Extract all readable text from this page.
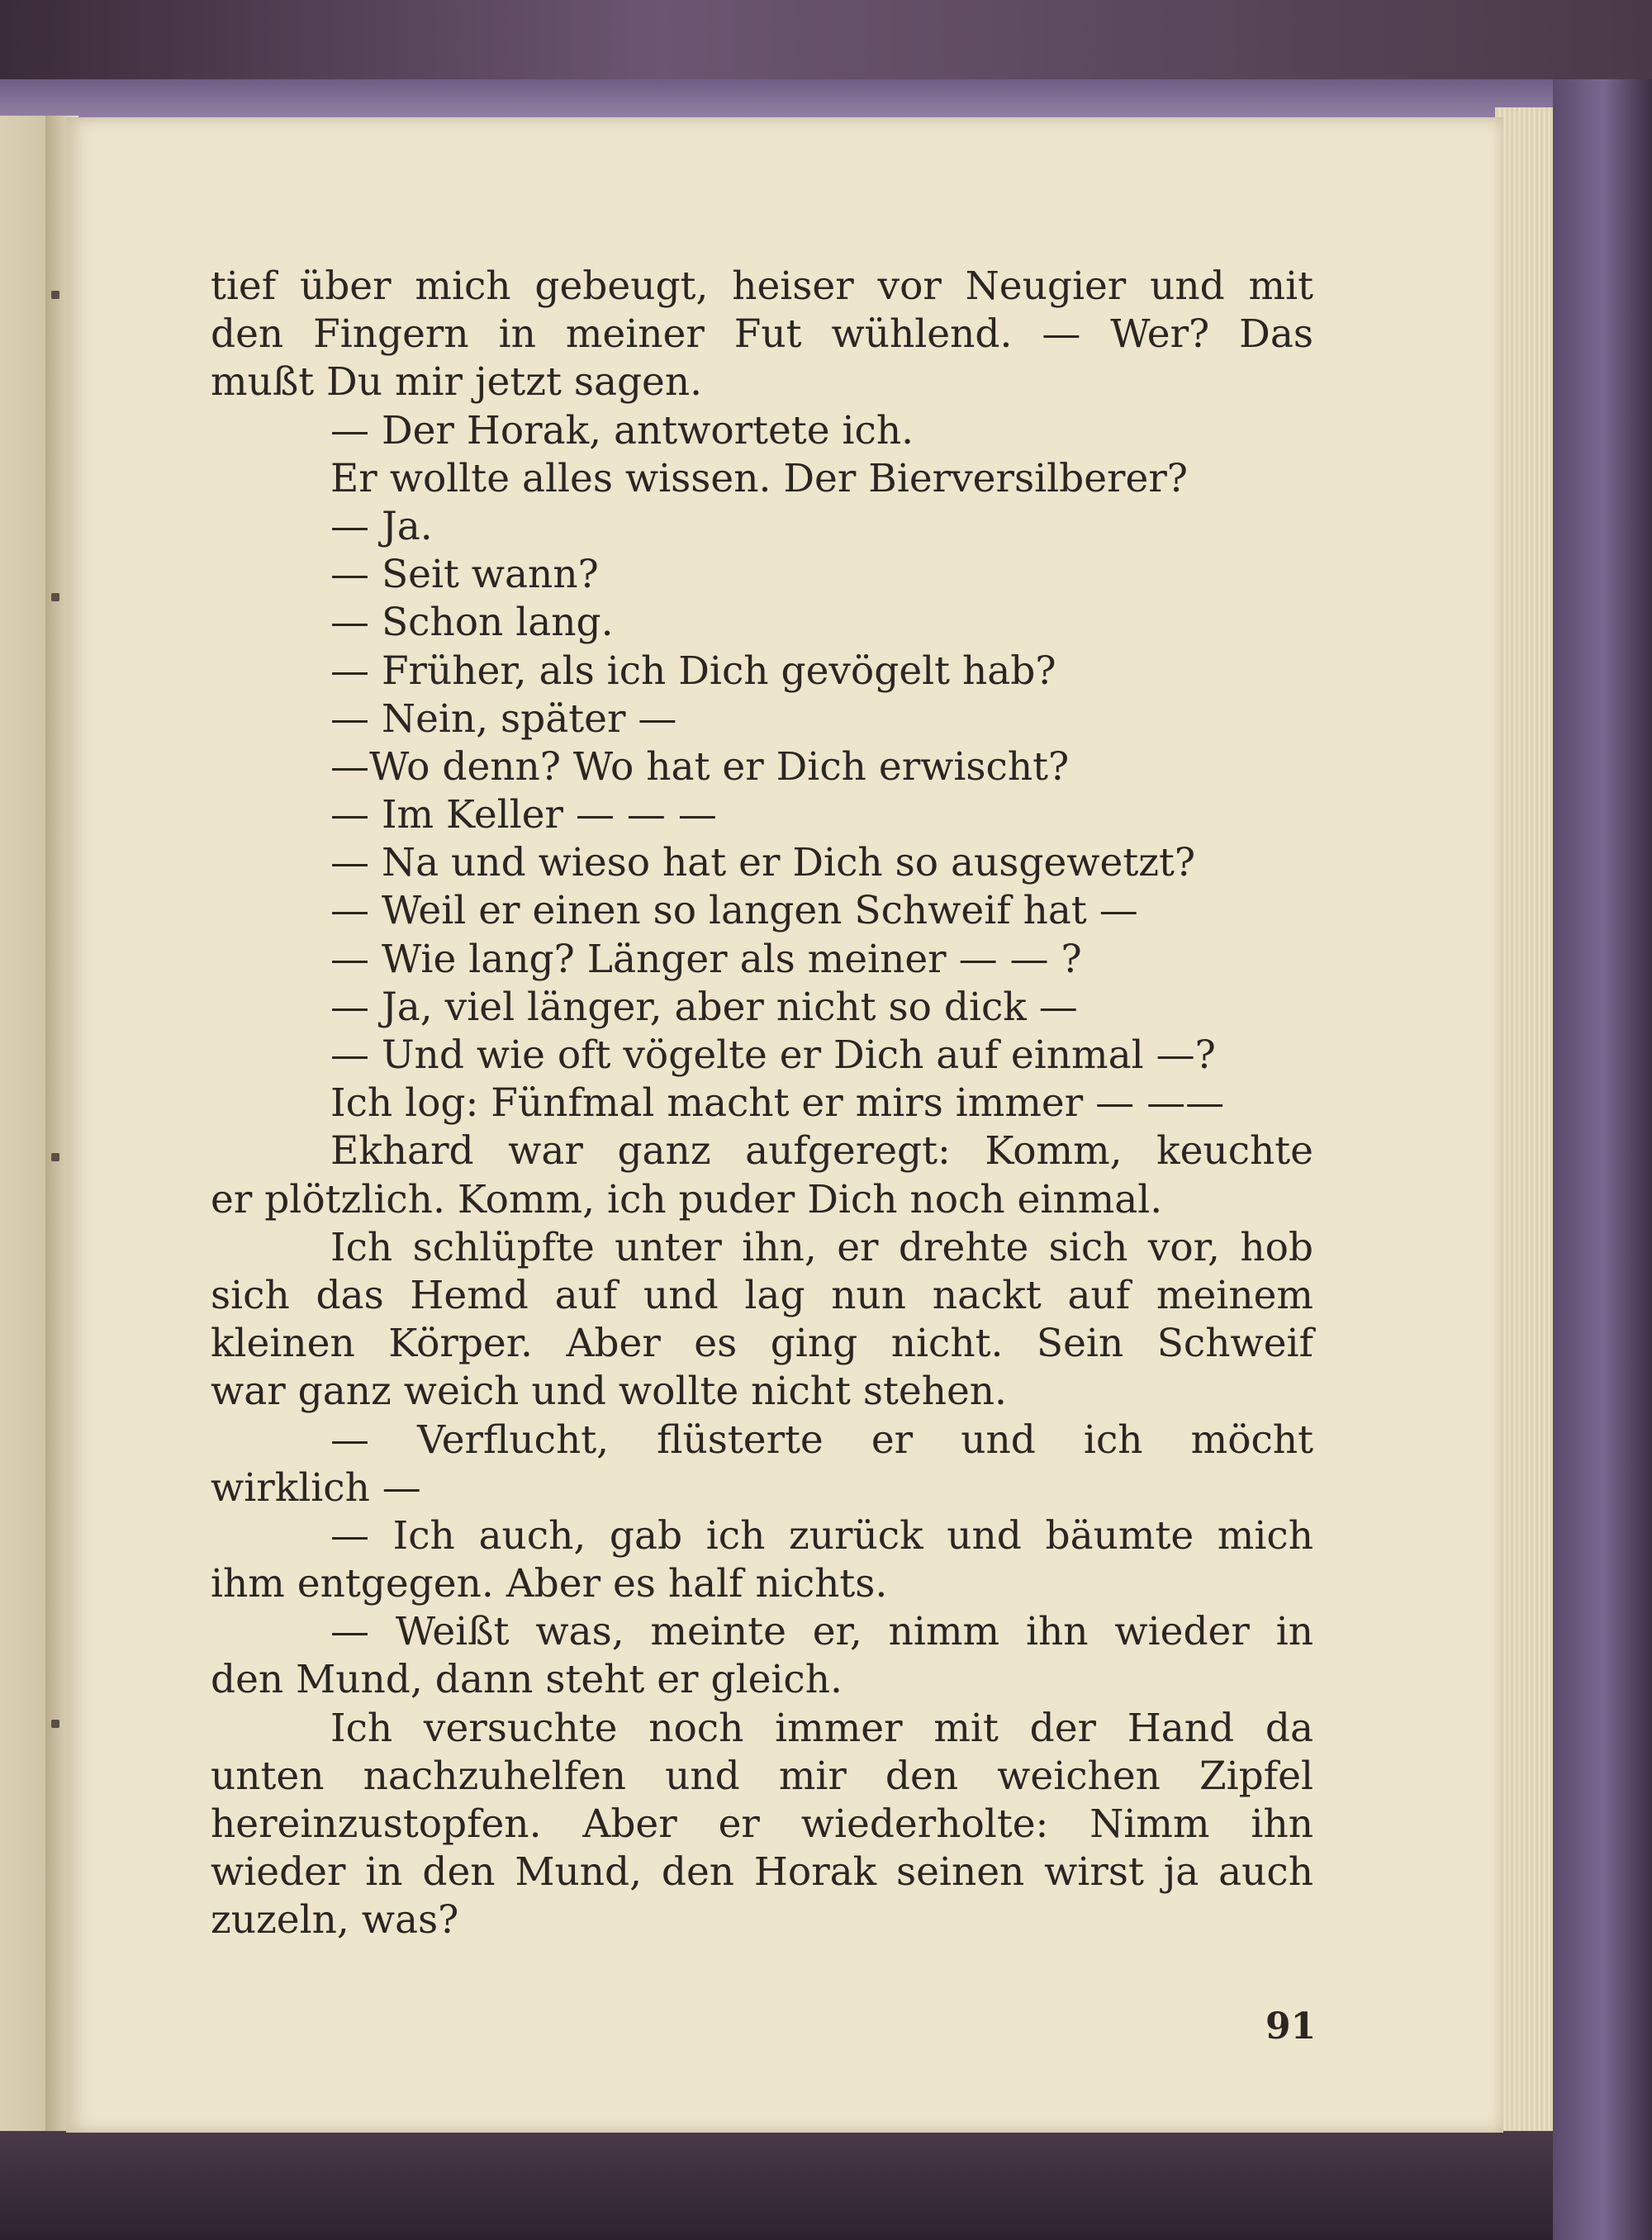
tief über mich gebeugt, heiser vor Neugier und mit
den Fingern in meiner Fut wühlend. — Wer? Das
mußt Du mir jetzt sagen.
— Der Horak, antwortete ich.
Er wollte alles wissen. Der Bierversilberer?
— Ja.
— Seit wann?
— Schon lang.
— Früher, als ich Dich gevögelt hab?
— Nein, später —
—Wo denn? Wo hat er Dich erwischt?
— Im Keller — — —
— Na und wieso hat er Dich so ausgewetzt?
— Weil er einen so langen Schweif hat —
— Wie lang? Länger als meiner — — ?
— Ja, viel länger, aber nicht so dick —
— Und wie oft vögelte er Dich auf einmal —?
Ich log: Fünfmal macht er mirs immer — ——
Ekhard war ganz aufgeregt: Komm, keuchte
er plötzlich. Komm, ich puder Dich noch einmal.
Ich schlüpfte unter ihn, er drehte sich vor, hob
sich das Hemd auf und lag nun nackt auf meinem
kleinen Körper. Aber es ging nicht. Sein Schweif
war ganz weich und wollte nicht stehen.
— Verflucht, flüsterte er und ich möcht
wirklich —
— Ich auch, gab ich zurück und bäumte mich
ihm entgegen. Aber es half nichts.
— Weißt was, meinte er, nimm ihn wieder in
den Mund, dann steht er gleich.
Ich versuchte noch immer mit der Hand da
unten nachzuhelfen und mir den weichen Zipfel
hereinzustopfen. Aber er wiederholte: Nimm ihn
wieder in den Mund, den Horak seinen wirst ja auch
zuzeln, was?
91
